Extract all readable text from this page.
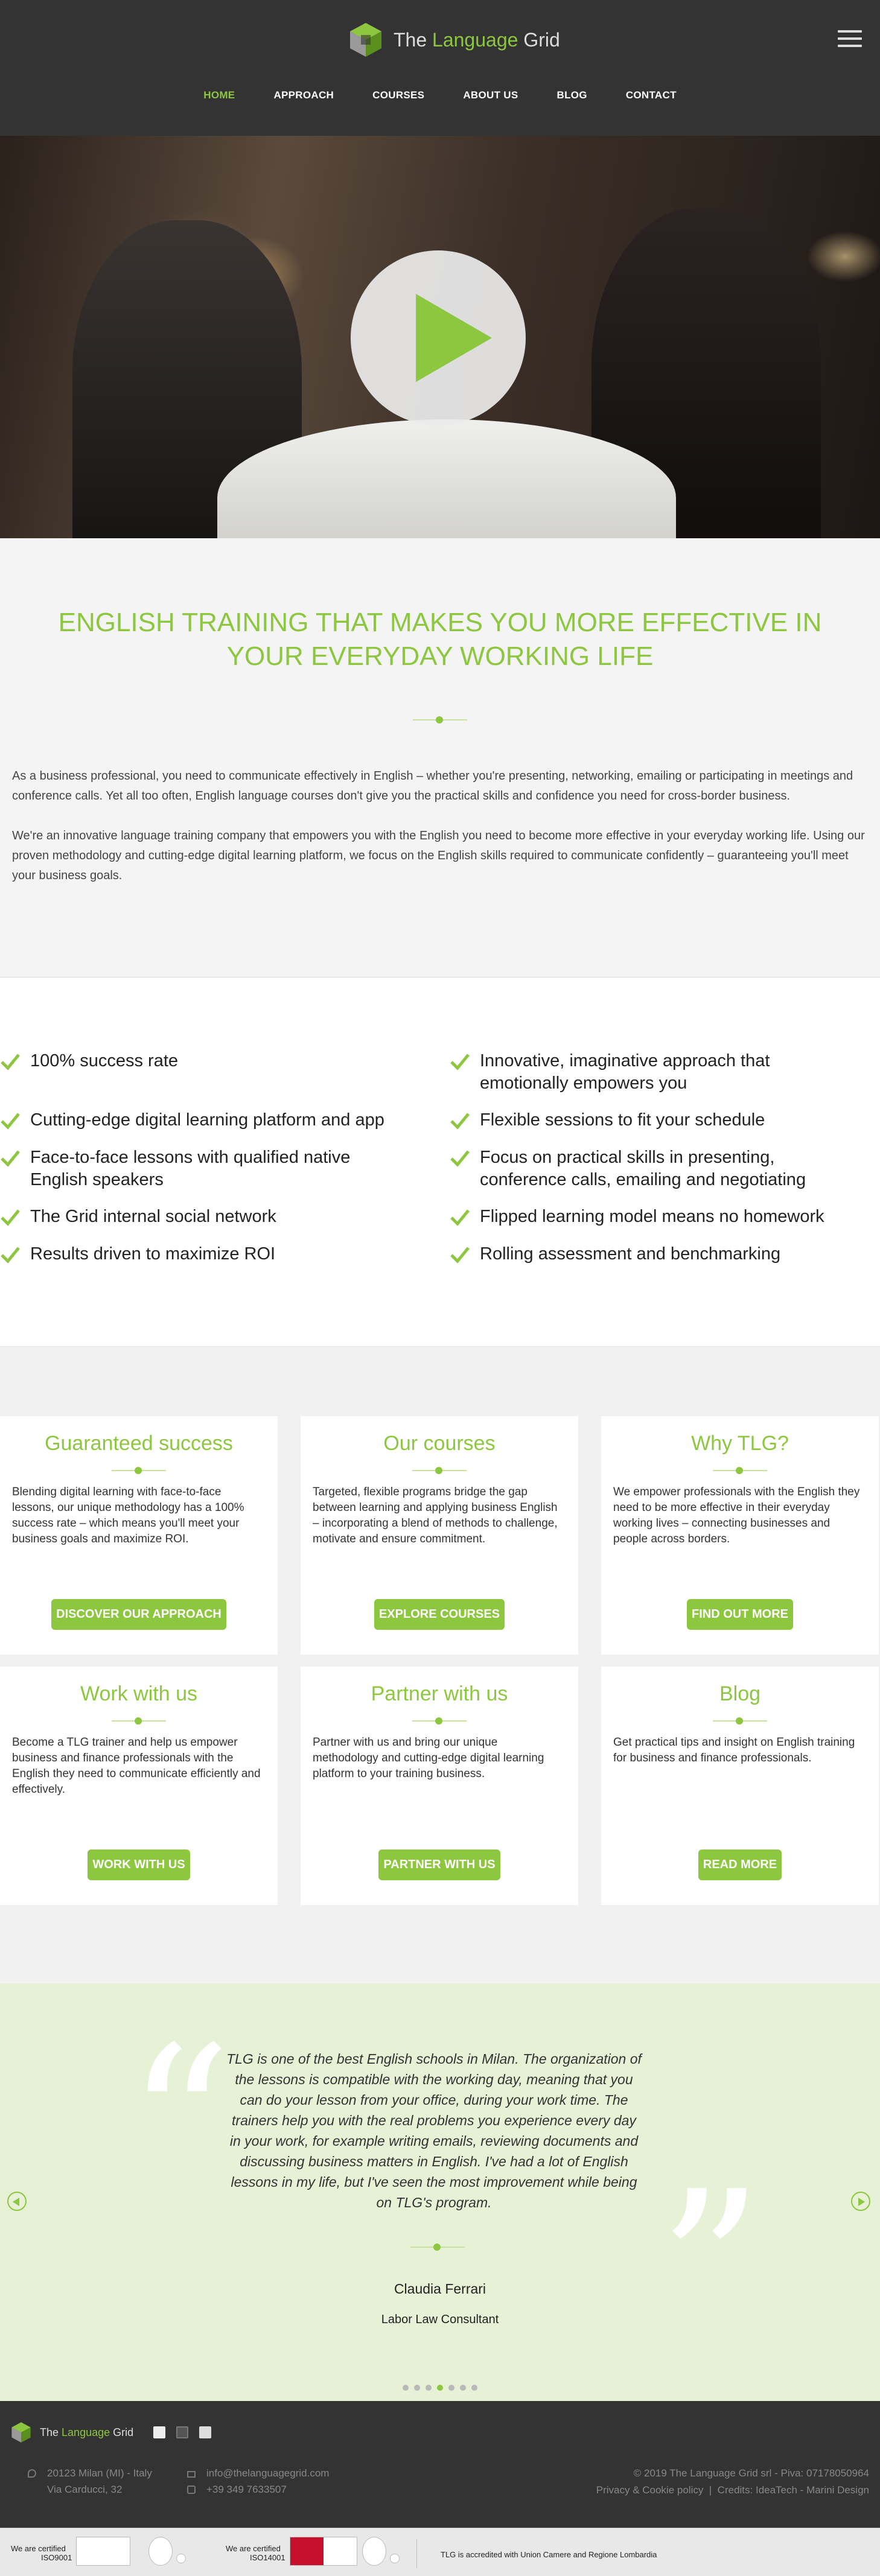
The Language Grid
HOME	APPROACH	COURSES	ABOUT US	BLOG	CONTACT
ENGLISH TRAINING THAT MAKES YOU MORE EFFECTIVE IN YOUR EVERYDAY WORKING LIFE

As a business professional, you need to communicate effectively in English – whether you're presenting, networking, emailing or participating in meetings and conference calls. Yet all too often, English language courses don't give you the practical skills and confidence you need for cross-border business.

We're an innovative language training company that empowers you with the English you need to become more effective in your everyday working life. Using our proven methodology and cutting-edge digital learning platform, we focus on the English skills required to communicate confidently – guaranteeing you'll meet your business goals.

100% success rate
Cutting-edge digital learning platform and app
Face-to-face lessons with qualified native English speakers
The Grid internal social network
Results driven to maximize ROI
Innovative, imaginative approach that emotionally empowers you
Flexible sessions to fit your schedule
Focus on practical skills in presenting, conference calls, emailing and negotiating
Flipped learning model means no homework
Rolling assessment and benchmarking
Guaranteed success

Blending digital learning with face-to-face lessons, our unique methodology has a 100% success rate – which means you'll meet your business goals and maximize ROI.

DISCOVER OUR APPROACH
Our courses

Targeted, flexible programs bridge the gap between learning and applying business English – incorporating a blend of methods to challenge, motivate and ensure commitment.

EXPLORE COURSES
Why TLG?

We empower professionals with the English they need to be more effective in their everyday working lives – connecting businesses and people across borders.

FIND OUT MORE
Work with us

Become a TLG trainer and help us empower business and finance professionals with the English they need to communicate efficiently and effectively.

WORK WITH US
Partner with us

Partner with us and bring our unique methodology and cutting-edge digital learning platform to your training business.

PARTNER WITH US
Blog

Get practical tips and insight on English training for business and finance professionals.

READ MORE
“
”
TLG is one of the best English schools in Milan. The organization of the lessons is compatible with the working day, meaning that you can do your lesson from your office, during your work time. The trainers help you with the real problems you experience every day in your work, for example writing emails, reviewing documents and discussing business matters in English. I've had a lot of English lessons in my life, but I've seen the most improvement while being on TLG's program.
Claudia Ferrari
Labor Law Consultant
The Language Grid
20123 Milan (MI) - Italy
Via Carducci, 32
info@thelanguagegrid.com
+39 349 7633507
© 2019 The Language Grid srl - Piva: 07178050964
Privacy & Cookie policy  |  Credits: IdeaTech - Marini Design
We are certified
ISO9001
We are certified
ISO14001	TLG is accredited with Union Camere and Regione Lombardia
